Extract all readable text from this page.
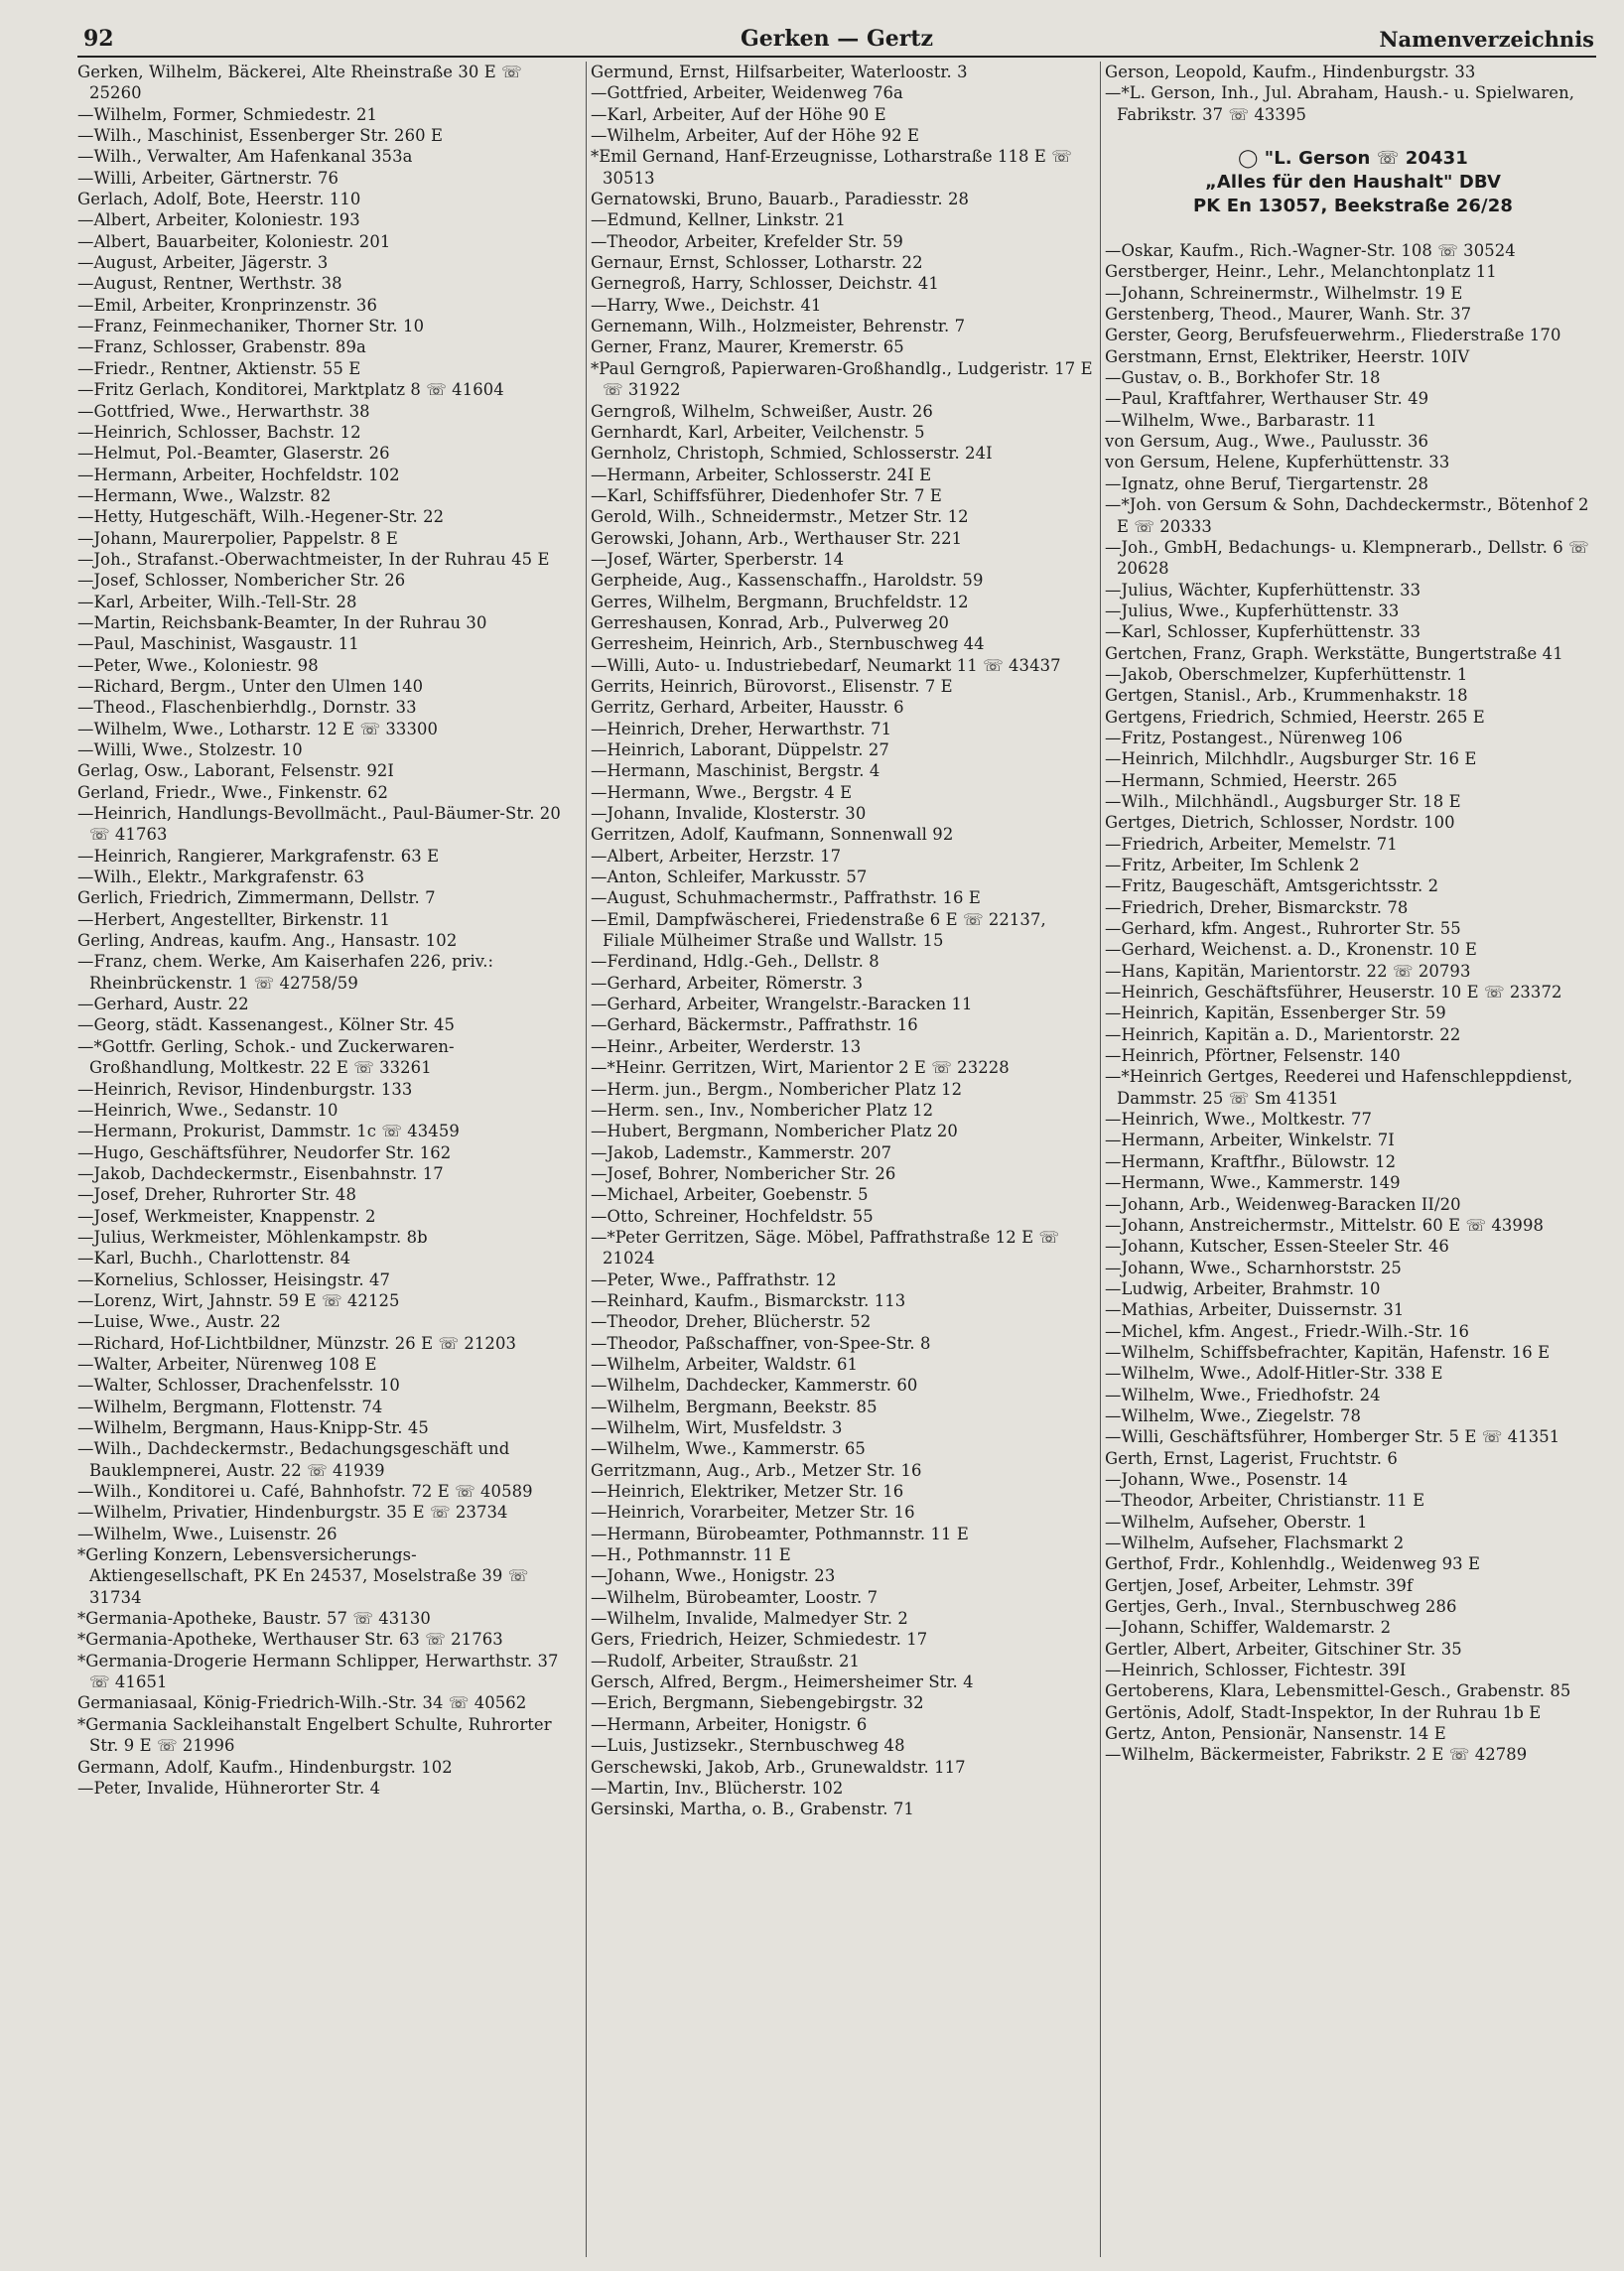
92	Gerken — Gertz	Namenverzeichnis
Gerken, Wilhelm, Bäckerei, Alte Rheinstraße 30 E ☏ 25260
—Wilhelm, Former, Schmiedestr. 21
—Wilh., Maschinist, Essenberger Str. 260 E
—Wilh., Verwalter, Am Hafenkanal 353a
—Willi, Arbeiter, Gärtnerstr. 76
Gerlach, Adolf, Bote, Heerstr. 110
—Albert, Arbeiter, Koloniestr. 193
—Albert, Bauarbeiter, Koloniestr. 201
—August, Arbeiter, Jägerstr. 3
—August, Rentner, Werthstr. 38
—Emil, Arbeiter, Kronprinzenstr. 36
—Franz, Feinmechaniker, Thorner Str. 10
—Franz, Schlosser, Grabenstr. 89a
—Friedr., Rentner, Aktienstr. 55 E
—Fritz Gerlach, Konditorei, Marktplatz 8 ☏ 41604
—Gottfried, Wwe., Herwarthstr. 38
—Heinrich, Schlosser, Bachstr. 12
—Helmut, Pol.-Beamter, Glaserstr. 26
—Hermann, Arbeiter, Hochfeldstr. 102
—Hermann, Wwe., Walzstr. 82
—Hetty, Hutgeschäft, Wilh.-Hegener-Str. 22
—Johann, Maurerpolier, Pappelstr. 8 E
—Joh., Strafanst.-Oberwachtmeister, In der Ruhrau 45 E
—Josef, Schlosser, Nombericher Str. 26
—Karl, Arbeiter, Wilh.-Tell-Str. 28
—Martin, Reichsbank-Beamter, In der Ruhrau 30
—Paul, Maschinist, Wasgaustr. 11
—Peter, Wwe., Koloniestr. 98
—Richard, Bergm., Unter den Ulmen 140
—Theod., Flaschenbierhdlg., Dornstr. 33
—Wilhelm, Wwe., Lotharstr. 12 E ☏ 33300
—Willi, Wwe., Stolzestr. 10
Gerlag, Osw., Laborant, Felsenstr. 92I
Gerland, Friedr., Wwe., Finkenstr. 62
—Heinrich, Handlungs-Bevollmächt., Paul-Bäumer-Str. 20 ☏ 41763
—Heinrich, Rangierer, Markgrafenstr. 63 E
—Wilh., Elektr., Markgrafenstr. 63
Gerlich, Friedrich, Zimmermann, Dellstr. 7
—Herbert, Angestellter, Birkenstr. 11
Gerling, Andreas, kaufm. Ang., Hansastr. 102
—Franz, chem. Werke, Am Kaiserhafen 226, priv.: Rheinbrückenstr. 1 ☏ 42758/59
—Gerhard, Austr. 22
—Georg, städt. Kassenangest., Kölner Str. 45
—*Gottfr. Gerling, Schok.- und Zuckerwaren-Großhandlung, Moltkestr. 22 E ☏ 33261
—Heinrich, Revisor, Hindenburgstr. 133
—Heinrich, Wwe., Sedanstr. 10
—Hermann, Prokurist, Dammstr. 1c ☏ 43459
—Hugo, Geschäftsführer, Neudorfer Str. 162
—Jakob, Dachdeckermstr., Eisenbahnstr. 17
—Josef, Dreher, Ruhrorter Str. 48
—Josef, Werkmeister, Knappenstr. 2
—Julius, Werkmeister, Möhlenkampstr. 8b
—Karl, Buchh., Charlottenstr. 84
—Kornelius, Schlosser, Heisingstr. 47
—Lorenz, Wirt, Jahnstr. 59 E ☏ 42125
—Luise, Wwe., Austr. 22
—Richard, Hof-Lichtbildner, Münzstr. 26 E ☏ 21203
—Walter, Arbeiter, Nürenweg 108 E
—Walter, Schlosser, Drachenfelsstr. 10
—Wilhelm, Bergmann, Flottenstr. 74
—Wilhelm, Bergmann, Haus-Knipp-Str. 45
—Wilh., Dachdeckermstr., Bedachungsgeschäft und Bauklempnerei, Austr. 22 ☏ 41939
—Wilh., Konditorei u. Café, Bahnhofstr. 72 E ☏ 40589
—Wilhelm, Privatier, Hindenburgstr. 35 E ☏ 23734
—Wilhelm, Wwe., Luisenstr. 26
*Gerling Konzern, Lebensversicherungs-Aktiengesellschaft, PK En 24537, Moselstraße 39 ☏ 31734
*Germania-Apotheke, Baustr. 57 ☏ 43130
*Germania-Apotheke, Werthauser Str. 63 ☏ 21763
*Germania-Drogerie Hermann Schlipper, Herwarthstr. 37 ☏ 41651
Germaniasaal, König-Friedrich-Wilh.-Str. 34 ☏ 40562
*Germania Sackleihanstalt Engelbert Schulte, Ruhrorter Str. 9 E ☏ 21996
Germann, Adolf, Kaufm., Hindenburgstr. 102
—Peter, Invalide, Hühnerorter Str. 4
Germund, Ernst, Hilfsarbeiter, Waterloostr. 3
—Gottfried, Arbeiter, Weidenweg 76a
—Karl, Arbeiter, Auf der Höhe 90 E
—Wilhelm, Arbeiter, Auf der Höhe 92 E
*Emil Gernand, Hanf-Erzeugnisse, Lotharstraße 118 E ☏ 30513
Gernatowski, Bruno, Bauarb., Paradiesstr. 28
—Edmund, Kellner, Linkstr. 21
—Theodor, Arbeiter, Krefelder Str. 59
Gernaur, Ernst, Schlosser, Lotharstr. 22
Gernegroß, Harry, Schlosser, Deichstr. 41
—Harry, Wwe., Deichstr. 41
Gernemann, Wilh., Holzmeister, Behrenstr. 7
Gerner, Franz, Maurer, Kremerstr. 65
*Paul Gerngroß, Papierwaren-Großhandlg., Ludgeristr. 17 E ☏ 31922
Gerngroß, Wilhelm, Schweißer, Austr. 26
Gernhardt, Karl, Arbeiter, Veilchenstr. 5
Gernholz, Christoph, Schmied, Schlosserstr. 24I
—Hermann, Arbeiter, Schlosserstr. 24I E
—Karl, Schiffsführer, Diedenhofer Str. 7 E
Gerold, Wilh., Schneidermstr., Metzer Str. 12
Gerowski, Johann, Arb., Werthauser Str. 221
—Josef, Wärter, Sperberstr. 14
Gerpheide, Aug., Kassenschaffn., Haroldstr. 59
Gerres, Wilhelm, Bergmann, Bruchfeldstr. 12
Gerreshausen, Konrad, Arb., Pulverweg 20
Gerresheim, Heinrich, Arb., Sternbuschweg 44
—Willi, Auto- u. Industriebedarf, Neumarkt 11 ☏ 43437
Gerrits, Heinrich, Bürovorst., Elisenstr. 7 E
Gerritz, Gerhard, Arbeiter, Hausstr. 6
—Heinrich, Dreher, Herwarthstr. 71
—Heinrich, Laborant, Düppelstr. 27
—Hermann, Maschinist, Bergstr. 4
—Hermann, Wwe., Bergstr. 4 E
—Johann, Invalide, Klosterstr. 30
Gerritzen, Adolf, Kaufmann, Sonnenwall 92
—Albert, Arbeiter, Herzstr. 17
—Anton, Schleifer, Markusstr. 57
—August, Schuhmachermstr., Paffrathstr. 16 E
—Emil, Dampfwäscherei, Friedenstraße 6 E ☏ 22137, Filiale Mülheimer Straße und Wallstr. 15
—Ferdinand, Hdlg.-Geh., Dellstr. 8
—Gerhard, Arbeiter, Römerstr. 3
—Gerhard, Arbeiter, Wrangelstr.-Baracken 11
—Gerhard, Bäckermstr., Paffrathstr. 16
—Heinr., Arbeiter, Werderstr. 13
—*Heinr. Gerritzen, Wirt, Marientor 2 E ☏ 23228
—Herm. jun., Bergm., Nombericher Platz 12
—Herm. sen., Inv., Nombericher Platz 12
—Hubert, Bergmann, Nombericher Platz 20
—Jakob, Lademstr., Kammerstr. 207
—Josef, Bohrer, Nombericher Str. 26
—Michael, Arbeiter, Goebenstr. 5
—Otto, Schreiner, Hochfeldstr. 55
—*Peter Gerritzen, Säge. Möbel, Paffrathstraße 12 E ☏ 21024
—Peter, Wwe., Paffrathstr. 12
—Reinhard, Kaufm., Bismarckstr. 113
—Theodor, Dreher, Blücherstr. 52
—Theodor, Paßschaffner, von-Spee-Str. 8
—Wilhelm, Arbeiter, Waldstr. 61
—Wilhelm, Dachdecker, Kammerstr. 60
—Wilhelm, Bergmann, Beekstr. 85
—Wilhelm, Wirt, Musfeldstr. 3
—Wilhelm, Wwe., Kammerstr. 65
Gerritzmann, Aug., Arb., Metzer Str. 16
—Heinrich, Elektriker, Metzer Str. 16
—Heinrich, Vorarbeiter, Metzer Str. 16
—Hermann, Bürobeamter, Pothmannstr. 11 E
—H., Pothmannstr. 11 E
—Johann, Wwe., Honigstr. 23
—Wilhelm, Bürobeamter, Loostr. 7
—Wilhelm, Invalide, Malmedyer Str. 2
Gers, Friedrich, Heizer, Schmiedestr. 17
—Rudolf, Arbeiter, Straußstr. 21
Gersch, Alfred, Bergm., Heimersheimer Str. 4
—Erich, Bergmann, Siebengebirgstr. 32
—Hermann, Arbeiter, Honigstr. 6
—Luis, Justizsekr., Sternbuschweg 48
Gerschewski, Jakob, Arb., Grunewaldstr. 117
—Martin, Inv., Blücherstr. 102
Gersinski, Martha, o. B., Grabenstr. 71
Gerson, Leopold, Kaufm., Hindenburgstr. 33
—*L. Gerson, Inh., Jul. Abraham, Haush.- u. Spielwaren, Fabrikstr. 37 ☏ 43395
◯ "L. Gerson ☏ 20431
„Alles für den Haushalt" DBV
PK En 13057, Beekstraße 26/28
—Oskar, Kaufm., Rich.-Wagner-Str. 108 ☏ 30524
Gerstberger, Heinr., Lehr., Melanchtonplatz 11
—Johann, Schreinermstr., Wilhelmstr. 19 E
Gerstenberg, Theod., Maurer, Wanh. Str. 37
Gerster, Georg, Berufsfeuerwehrm., Fliederstraße 170
Gerstmann, Ernst, Elektriker, Heerstr. 10IV
—Gustav, o. B., Borkhofer Str. 18
—Paul, Kraftfahrer, Werthauser Str. 49
—Wilhelm, Wwe., Barbarastr. 11
von Gersum, Aug., Wwe., Paulusstr. 36
von Gersum, Helene, Kupferhüttenstr. 33
—Ignatz, ohne Beruf, Tiergartenstr. 28
—*Joh. von Gersum & Sohn, Dachdeckermstr., Bötenhof 2 E ☏ 20333
—Joh., GmbH, Bedachungs- u. Klempnerarb., Dellstr. 6 ☏ 20628
—Julius, Wächter, Kupferhüttenstr. 33
—Julius, Wwe., Kupferhüttenstr. 33
—Karl, Schlosser, Kupferhüttenstr. 33
Gertchen, Franz, Graph. Werkstätte, Bungertstraße 41
—Jakob, Oberschmelzer, Kupferhüttenstr. 1
Gertgen, Stanisl., Arb., Krummenhakstr. 18
Gertgens, Friedrich, Schmied, Heerstr. 265 E
—Fritz, Postangest., Nürenweg 106
—Heinrich, Milchhdlr., Augsburger Str. 16 E
—Hermann, Schmied, Heerstr. 265
—Wilh., Milchhändl., Augsburger Str. 18 E
Gertges, Dietrich, Schlosser, Nordstr. 100
—Friedrich, Arbeiter, Memelstr. 71
—Fritz, Arbeiter, Im Schlenk 2
—Fritz, Baugeschäft, Amtsgerichtsstr. 2
—Friedrich, Dreher, Bismarckstr. 78
—Gerhard, kfm. Angest., Ruhrorter Str. 55
—Gerhard, Weichenst. a. D., Kronenstr. 10 E
—Hans, Kapitän, Marientorstr. 22 ☏ 20793
—Heinrich, Geschäftsführer, Heuserstr. 10 E ☏ 23372
—Heinrich, Kapitän, Essenberger Str. 59
—Heinrich, Kapitän a. D., Marientorstr. 22
—Heinrich, Pförtner, Felsenstr. 140
—*Heinrich Gertges, Reederei und Hafenschleppdienst, Dammstr. 25 ☏ Sm 41351
—Heinrich, Wwe., Moltkestr. 77
—Hermann, Arbeiter, Winkelstr. 7I
—Hermann, Kraftfhr., Bülowstr. 12
—Hermann, Wwe., Kammerstr. 149
—Johann, Arb., Weidenweg-Baracken II/20
—Johann, Anstreichermstr., Mittelstr. 60 E ☏ 43998
—Johann, Kutscher, Essen-Steeler Str. 46
—Johann, Wwe., Scharnhorststr. 25
—Ludwig, Arbeiter, Brahmstr. 10
—Mathias, Arbeiter, Duissernstr. 31
—Michel, kfm. Angest., Friedr.-Wilh.-Str. 16
—Wilhelm, Schiffsbefrachter, Kapitän, Hafenstr. 16 E
—Wilhelm, Wwe., Adolf-Hitler-Str. 338 E
—Wilhelm, Wwe., Friedhofstr. 24
—Wilhelm, Wwe., Ziegelstr. 78
—Willi, Geschäftsführer, Homberger Str. 5 E ☏ 41351
Gerth, Ernst, Lagerist, Fruchtstr. 6
—Johann, Wwe., Posenstr. 14
—Theodor, Arbeiter, Christianstr. 11 E
—Wilhelm, Aufseher, Oberstr. 1
—Wilhelm, Aufseher, Flachsmarkt 2
Gerthof, Frdr., Kohlenhdlg., Weidenweg 93 E
Gertjen, Josef, Arbeiter, Lehmstr. 39f
Gertjes, Gerh., Inval., Sternbuschweg 286
—Johann, Schiffer, Waldemarstr. 2
Gertler, Albert, Arbeiter, Gitschiner Str. 35
—Heinrich, Schlosser, Fichtestr. 39I
Gertoberens, Klara, Lebensmittel-Gesch., Grabenstr. 85
Gertönis, Adolf, Stadt-Inspektor, In der Ruhrau 1b E
Gertz, Anton, Pensionär, Nansenstr. 14 E
—Wilhelm, Bäckermeister, Fabrikstr. 2 E ☏ 42789
